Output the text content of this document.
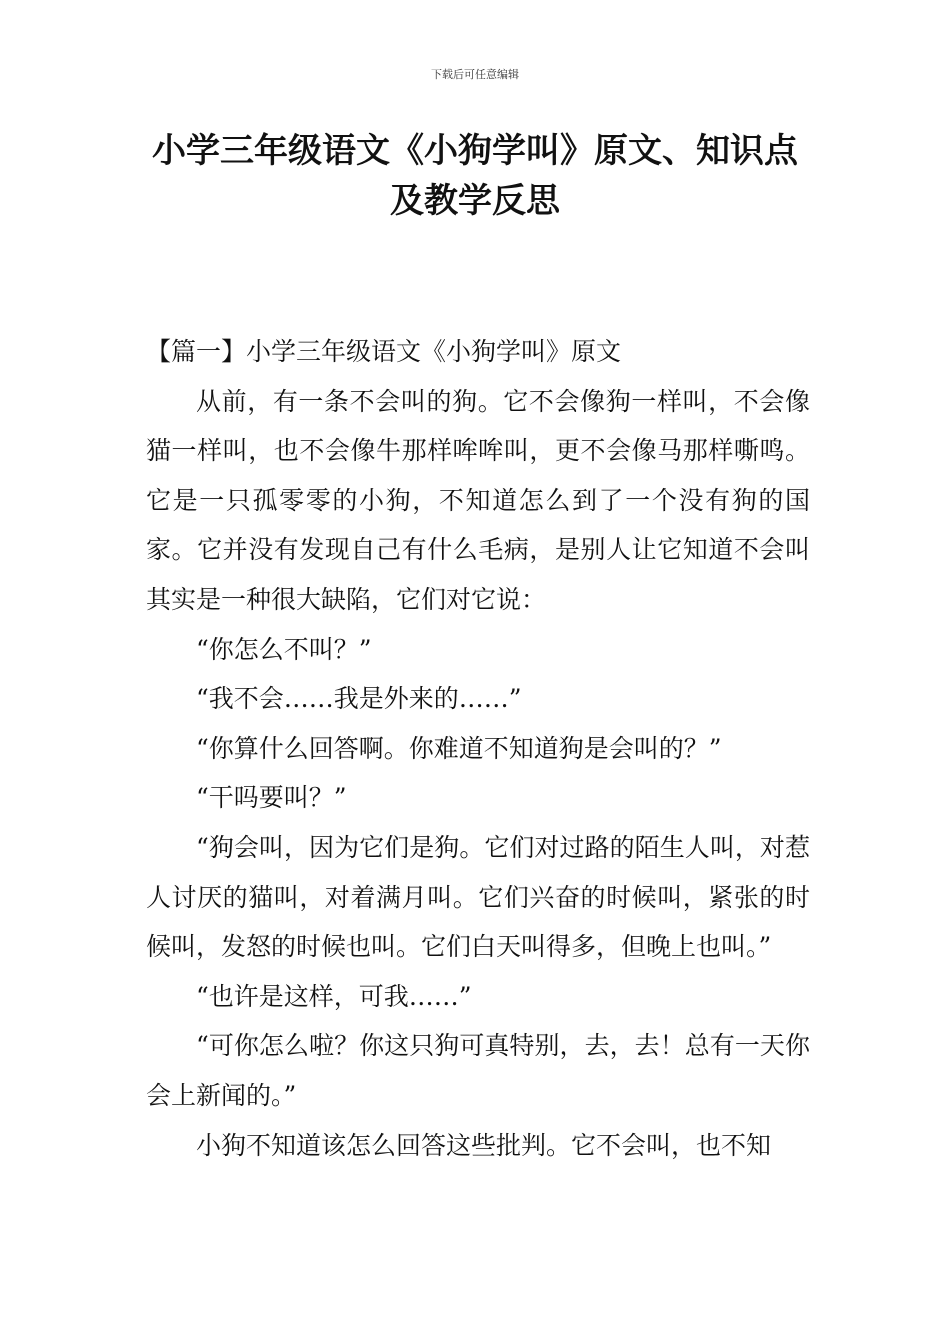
下载后可任意编辑
小学三年级语文《小狗学叫》原文、知识点及教学反思

【篇一】小学三年级语文《小狗学叫》原文

从前，有一条不会叫的狗。它不会像狗一样叫，不会像猫一样叫，也不会像牛那样哞哞叫，更不会像马那样嘶鸣。它是一只孤零零的小狗，不知道怎么到了一个没有狗的国家。它并没有发现自己有什么毛病，是别人让它知道不会叫其实是一种很大缺陷，它们对它说：

“你怎么不叫？”

“我不会……我是外来的……”

“你算什么回答啊。你难道不知道狗是会叫的？”

“干吗要叫？”

“狗会叫，因为它们是狗。它们对过路的陌生人叫，对惹人讨厌的猫叫，对着满月叫。它们兴奋的时候叫，紧张的时候叫，发怒的时候也叫。它们白天叫得多，但晚上也叫。”

“也许是这样，可我……”

“可你怎么啦？你这只狗可真特别，去，去！总有一天你会上新闻的。”

小狗不知道该怎么回答这些批判。它不会叫，也不知
